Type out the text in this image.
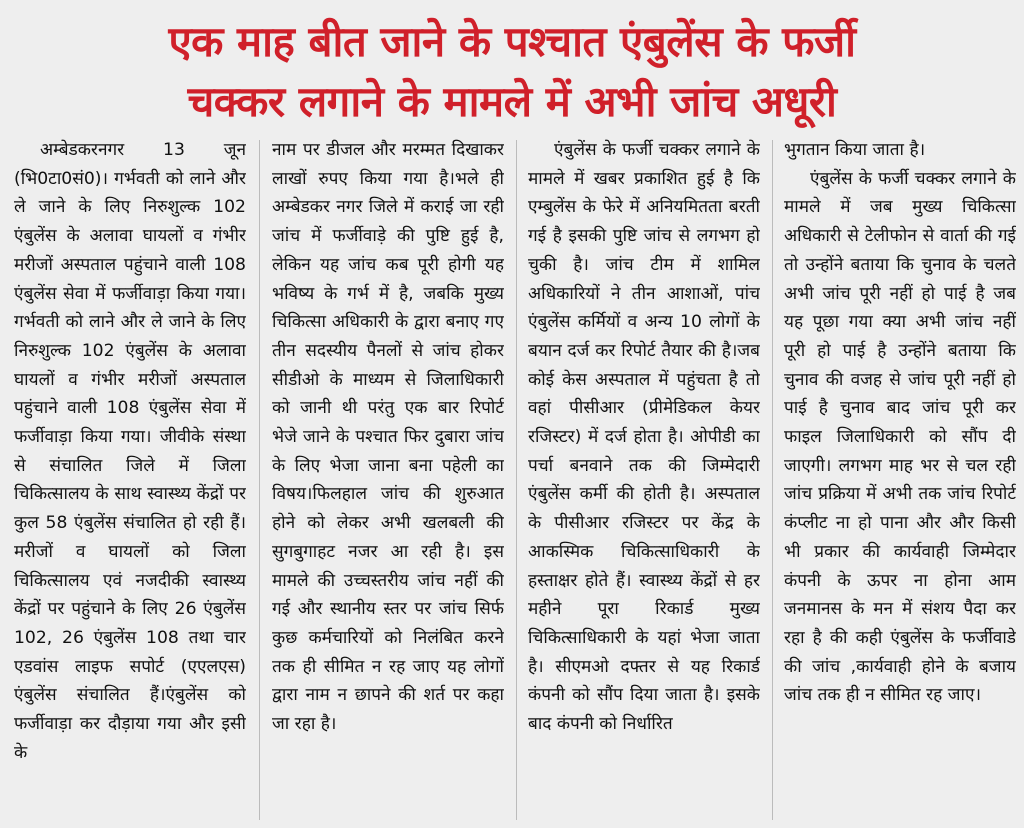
एक माह बीत जाने के पश्चात एंबुलेंस के फर्जी
चक्कर लगाने के मामले में अभी जांच अधूरी

अम्बेडकरनगर 13 जून (भि0टा0सं0)। गर्भवती को लाने और ले जाने के लिए निरुशुल्क 102 एंबुलेंस के अलावा घायलों व गंभीर मरीजों अस्पताल पहुंचाने वाली 108 एंबुलेंस सेवा में फर्जीवाड़ा किया गया। गर्भवती को लाने और ले जाने के लिए निरुशुल्क 102 एंबुलेंस के अलावा घायलों व गंभीर मरीजों अस्पताल पहुंचाने वाली 108 एंबुलेंस सेवा में फर्जीवाड़ा किया गया। जीवीके संस्था से संचालित जिले में जिला चिकित्सालय के साथ स्वास्थ्य केंद्रों पर कुल 58 एंबुलेंस संचालित हो रही हैं। मरीजों व घायलों को जिला चिकित्सालय एवं नजदीकी स्वास्थ्य केंद्रों पर पहुंचाने के लिए 26 एंबुलेंस 102, 26 एंबुलेंस 108 तथा चार एडवांस लाइफ सपोर्ट (एएलएस) एंबुलेंस संचालित हैं।एंबुलेंस को फर्जीवाड़ा कर दौड़ाया गया और इसी के

नाम पर डीजल और मरम्मत दिखाकर लाखों रुपए किया गया है।भले ही अम्बेडकर नगर जिले में कराई जा रही जांच में फर्जीवाड़े की पुष्टि हुई है, लेकिन यह जांच कब पूरी होगी यह भविष्य के गर्भ में है, जबकि मुख्य चिकित्सा अधिकारी के द्वारा बनाए गए तीन सदस्यीय पैनलों से जांच होकर सीडीओ के माध्यम से जिलाधिकारी को जानी थी परंतु एक बार रिपोर्ट भेजे जाने के पश्चात फिर दुबारा जांच के लिए भेजा जाना बना पहेली का विषय।फिलहाल जांच की शुरुआत होने को लेकर अभी खलबली की सुगबुगाहट नजर आ रही है। इस मामले की उच्चस्तरीय जांच नहीं की गई और स्थानीय स्तर पर जांच सिर्फ कुछ कर्मचारियों को निलंबित करने तक ही सीमित न रह जाए यह लोगों द्वारा नाम न छापने की शर्त पर कहा जा रहा है।

एंबुलेंस के फर्जी चक्कर लगाने के मामले में खबर प्रकाशित हुई है कि एम्बुलेंस के फेरे में अनियमितता बरती गई है इसकी पुष्टि जांच से लगभग हो चुकी है। जांच टीम में शामिल अधिकारियों ने तीन आशाओं, पांच एंबुलेंस कर्मियों व अन्य 10 लोगों के बयान दर्ज कर रिपोर्ट तैयार की है।जब कोई केस अस्पताल में पहुंचता है तो वहां पीसीआर (प्रीमेडिकल केयर रजिस्टर) में दर्ज होता है। ओपीडी का पर्चा बनवाने तक की जिम्मेदारी एंबुलेंस कर्मी की होती है। अस्पताल के पीसीआर रजिस्टर पर केंद्र के आकस्मिक चिकित्साधिकारी के हस्ताक्षर होते हैं। स्वास्थ्य केंद्रों से हर महीने पूरा रिकार्ड मुख्य चिकित्साधिकारी के यहां भेजा जाता है। सीएमओ दफ्तर से यह रिकार्ड कंपनी को सौंप दिया जाता है। इसके बाद कंपनी को निर्धारित

भुगतान किया जाता है।

एंबुलेंस के फर्जी चक्कर लगाने के मामले में जब मुख्य चिकित्सा अधिकारी से टेलीफोन से वार्ता की गई तो उन्होंने बताया कि चुनाव के चलते अभी जांच पूरी नहीं हो पाई है जब यह पूछा गया क्या अभी जांच नहीं पूरी हो पाई है उन्होंने बताया कि चुनाव की वजह से जांच पूरी नहीं हो पाई है चुनाव बाद जांच पूरी कर फाइल जिलाधिकारी को सौंप दी जाएगी। लगभग माह भर से चल रही जांच प्रक्रिया में अभी तक जांच रिपोर्ट कंप्लीट ना हो पाना और और किसी भी प्रकार की कार्यवाही जिम्मेदार कंपनी के ऊपर ना होना आम जनमानस के मन में संशय पैदा कर रहा है की कही एंबुलेंस के फर्जीवाडे की जांच ,कार्यवाही होने के बजाय जांच तक ही न सीमित रह जाए।
